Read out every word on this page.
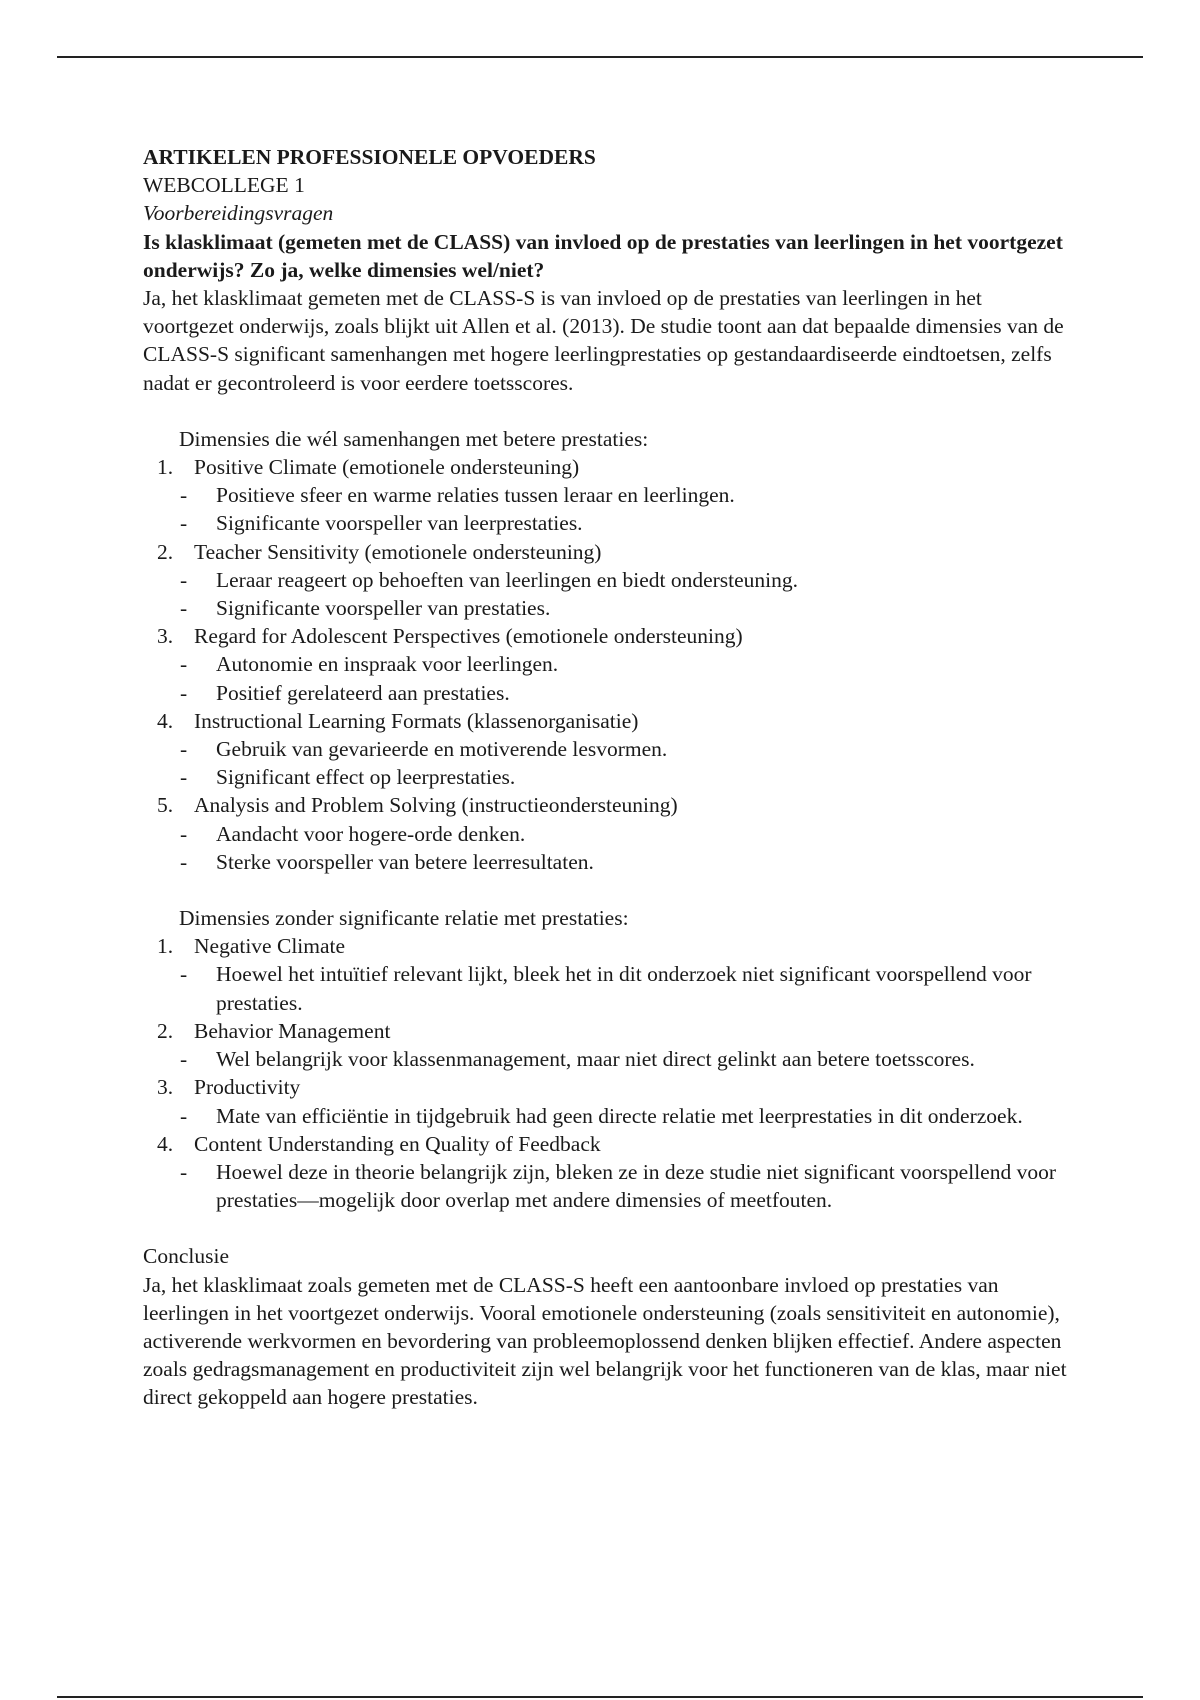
ARTIKELEN PROFESSIONELE OPVOEDERS

WEBCOLLEGE 1

Voorbereidingsvragen

Is klasklimaat (gemeten met de CLASS) van invloed op de prestaties van leerlingen in het voortgezet onderwijs? Zo ja, welke dimensies wel/niet?

Ja, het klasklimaat gemeten met de CLASS-S is van invloed op de prestaties van leerlingen in het voortgezet onderwijs, zoals blijkt uit Allen et al. (2013). De studie toont aan dat bepaalde dimensies van de CLASS-S significant samenhangen met hogere leerlingprestaties op gestandaardiseerde eindtoetsen, zelfs nadat er gecontroleerd is voor eerdere toetsscores.

Dimensies die wél samenhangen met betere prestaties:

1. Positive Climate (emotionele ondersteuning)

- Positieve sfeer en warme relaties tussen leraar en leerlingen.

- Significante voorspeller van leerprestaties.

2. Teacher Sensitivity (emotionele ondersteuning)

- Leraar reageert op behoeften van leerlingen en biedt ondersteuning.

- Significante voorspeller van prestaties.

3. Regard for Adolescent Perspectives (emotionele ondersteuning)

- Autonomie en inspraak voor leerlingen.

- Positief gerelateerd aan prestaties.

4. Instructional Learning Formats (klassenorganisatie)

- Gebruik van gevarieerde en motiverende lesvormen.

- Significant effect op leerprestaties.

5. Analysis and Problem Solving (instructieondersteuning)

- Aandacht voor hogere-orde denken.

- Sterke voorspeller van betere leerresultaten.

Dimensies zonder significante relatie met prestaties:

1. Negative Climate

- Hoewel het intuïtief relevant lijkt, bleek het in dit onderzoek niet significant voorspellend voor prestaties.

2. Behavior Management

- Wel belangrijk voor klassenmanagement, maar niet direct gelinkt aan betere toetsscores.

3. Productivity

- Mate van efficiëntie in tijdgebruik had geen directe relatie met leerprestaties in dit onderzoek.

4. Content Understanding en Quality of Feedback

- Hoewel deze in theorie belangrijk zijn, bleken ze in deze studie niet significant voorspellend voor prestaties—mogelijk door overlap met andere dimensies of meetfouten.

Conclusie

Ja, het klasklimaat zoals gemeten met de CLASS-S heeft een aantoonbare invloed op prestaties van leerlingen in het voortgezet onderwijs. Vooral emotionele ondersteuning (zoals sensitiviteit en autonomie), activerende werkvormen en bevordering van probleemoplossend denken blijken effectief. Andere aspecten zoals gedragsmanagement en productiviteit zijn wel belangrijk voor het functioneren van de klas, maar niet direct gekoppeld aan hogere prestaties.
